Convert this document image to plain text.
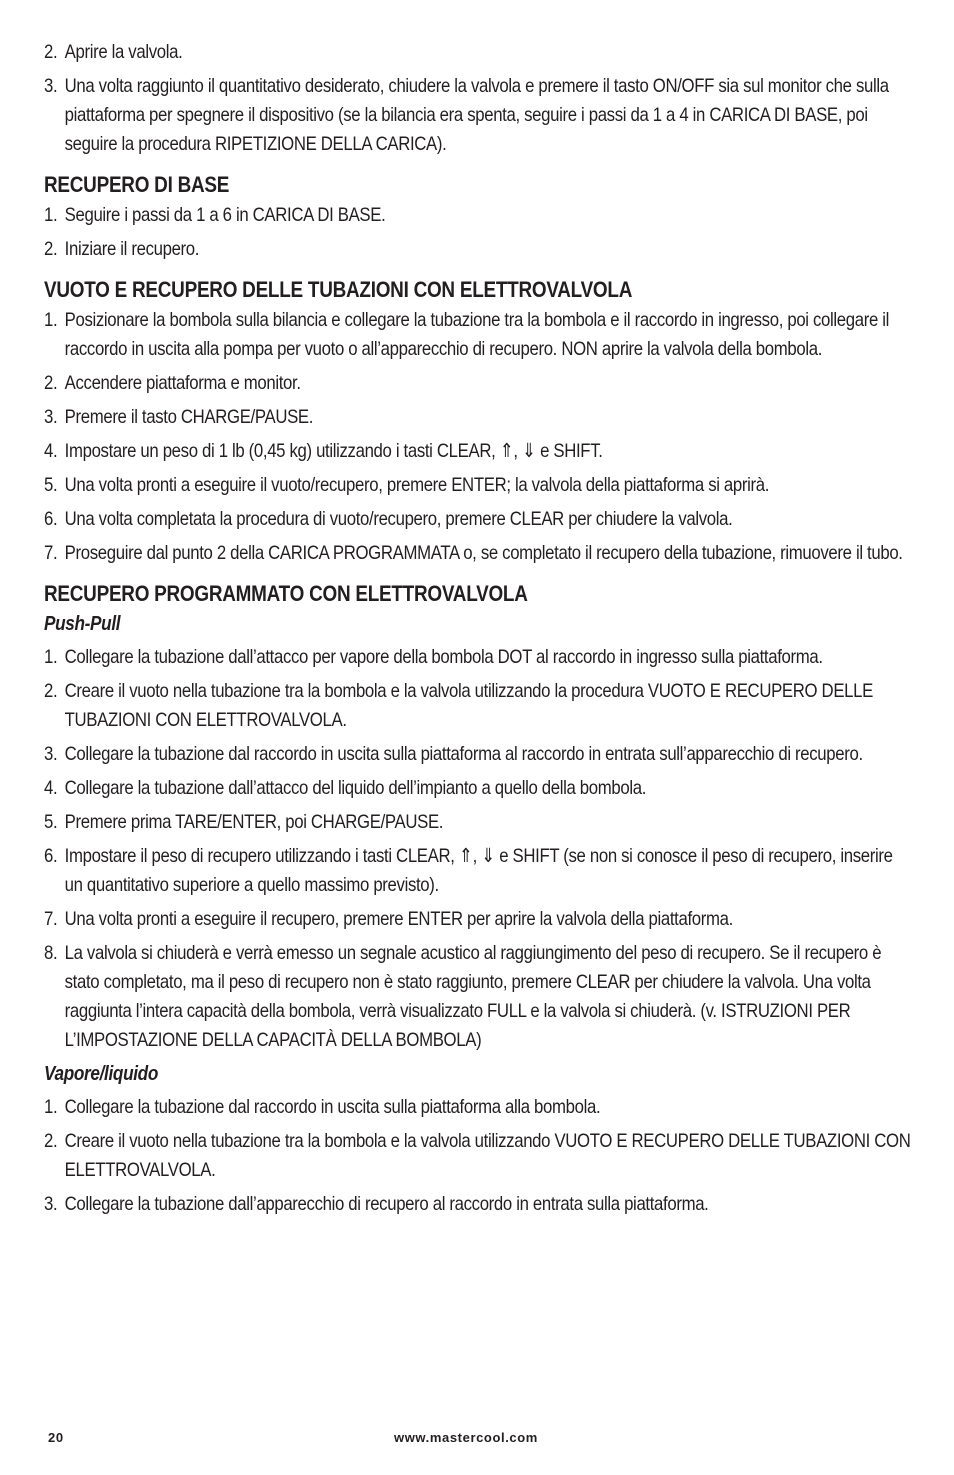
2. Aprire la valvola.
3. Una volta raggiunto il quantitativo desiderato, chiudere la valvola e premere il tasto ON/OFF sia sul monitor che sulla piattaforma per spegnere il dispositivo (se la bilancia era spenta, seguire i passi da 1 a 4 in CARICA DI BASE, poi seguire la procedura RIPETIZIONE DELLA CARICA).
RECUPERO DI BASE
1. Seguire i passi da 1 a 6 in CARICA DI BASE.
2. Iniziare il recupero.
VUOTO E RECUPERO DELLE TUBAZIONI CON ELETTROVALVOLA
1. Posizionare la bombola sulla bilancia e collegare la tubazione tra la bombola e il raccordo in ingresso, poi collegare il raccordo in uscita alla pompa per vuoto o all’apparecchio di recupero. NON aprire la valvola della bombola.
2. Accendere piattaforma e monitor.
3. Premere il tasto CHARGE/PAUSE.
4. Impostare un peso di 1 lb (0,45 kg) utilizzando i tasti CLEAR, ⇑, ⇓ e SHIFT.
5. Una volta pronti a eseguire il vuoto/recupero, premere ENTER; la valvola della piattaforma si aprirà.
6. Una volta completata la procedura di vuoto/recupero, premere CLEAR per chiudere la valvola.
7. Proseguire dal punto 2 della CARICA PROGRAMMATA o, se completato il recupero della tubazione, rimuovere il tubo.
RECUPERO PROGRAMMATO CON ELETTROVALVOLA
Push-Pull
1. Collegare la tubazione dall’attacco per vapore della bombola DOT al raccordo in ingresso sulla piattaforma.
2. Creare il vuoto nella tubazione tra la bombola e la valvola utilizzando la procedura VUOTO E RECUPERO DELLE TUBAZIONI CON ELETTROVALVOLA.
3. Collegare la tubazione dal raccordo in uscita sulla piattaforma al raccordo in entrata sull’apparecchio di recupero.
4. Collegare la tubazione dall’attacco del liquido dell’impianto a quello della bombola.
5. Premere prima TARE/ENTER, poi CHARGE/PAUSE.
6. Impostare il peso di recupero utilizzando i tasti CLEAR, ⇑, ⇓ e SHIFT (se non si conosce il peso di recupero, inserire un quantitativo superiore a quello massimo previsto).
7. Una volta pronti a eseguire il recupero, premere ENTER per aprire la valvola della piattaforma.
8. La valvola si chiuderà e verrà emesso un segnale acustico al raggiungimento del peso di recupero. Se il recupero è stato completato, ma il peso di recupero non è stato raggiunto, premere CLEAR per chiudere la valvola. Una volta raggiunta l’intera capacità della bombola, verrà visualizzato FULL e la valvola si chiuderà. (v. ISTRUZIONI PER L’IMPOSTAZIONE DELLA CAPACITÀ DELLA BOMBOLA)
Vapore/liquido
1. Collegare la tubazione dal raccordo in uscita sulla piattaforma alla bombola.
2. Creare il vuoto nella tubazione tra la bombola e la valvola utilizzando VUOTO E RECUPERO DELLE TUBAZIONI CON ELETTROVALVOLA.
3. Collegare la tubazione dall’apparecchio di recupero al raccordo in entrata sulla piattaforma.
20	www.mastercool.com
